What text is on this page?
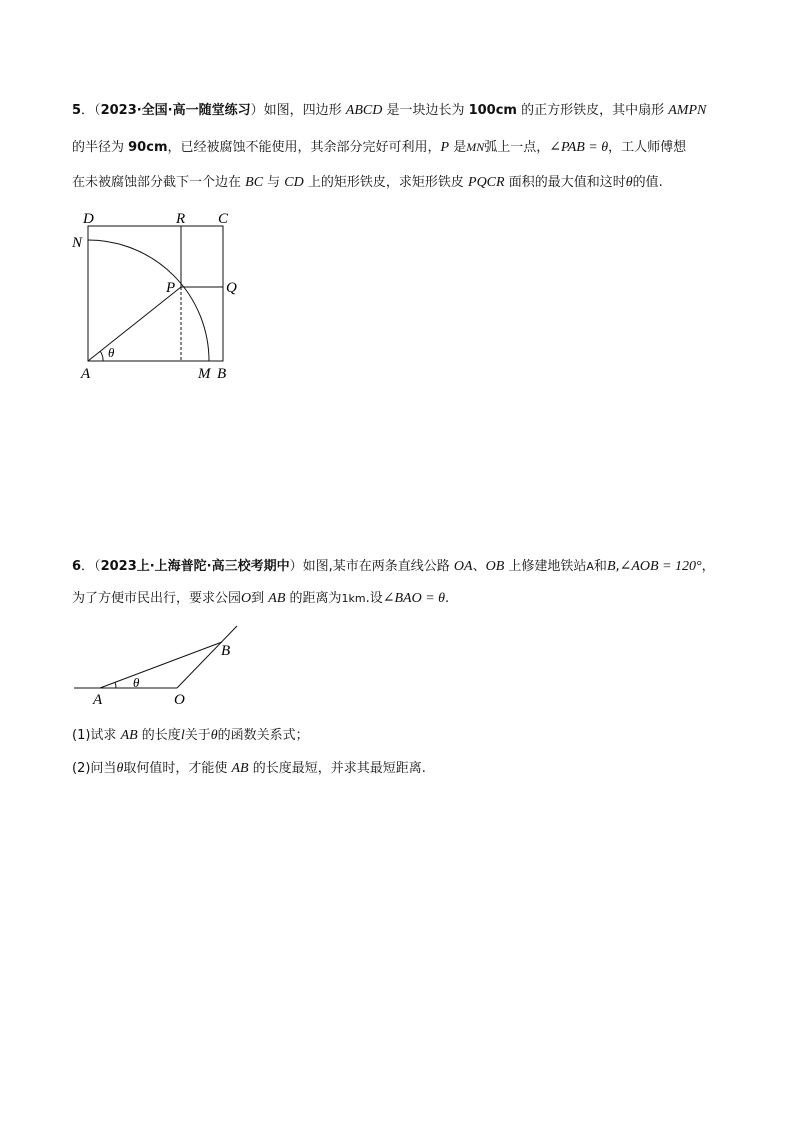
5．（2023·全国·高一随堂练习）如图，四边形 ABCD 是一块边长为 100cm 的正方形铁皮，其中扇形 AMPN
的半径为 90cm，已经被腐蚀不能使用，其余部分完好可利用，P 是MN弧上一点，∠PAB = θ，工人师傅想
在未被腐蚀部分截下一个边在 BC 与 CD 上的矩形铁皮，求矩形铁皮 PQCR 面积的最大值和这时θ的值.
D	R C
N
P	Q
θ
A	M B
6．（2023上·上海普陀·高三校考期中）如图,某市在两条直线公路 OA、OB 上修建地铁站A和B,∠AOB = 120°，
为了方便市民出行，要求公园O到 AB 的距离为1km.设∠BAO = θ.
B
A
θ
O
(1)试求 AB 的长度l关于θ的函数关系式；
(2)问当θ取何值时，才能使 AB 的长度最短，并求其最短距离.
